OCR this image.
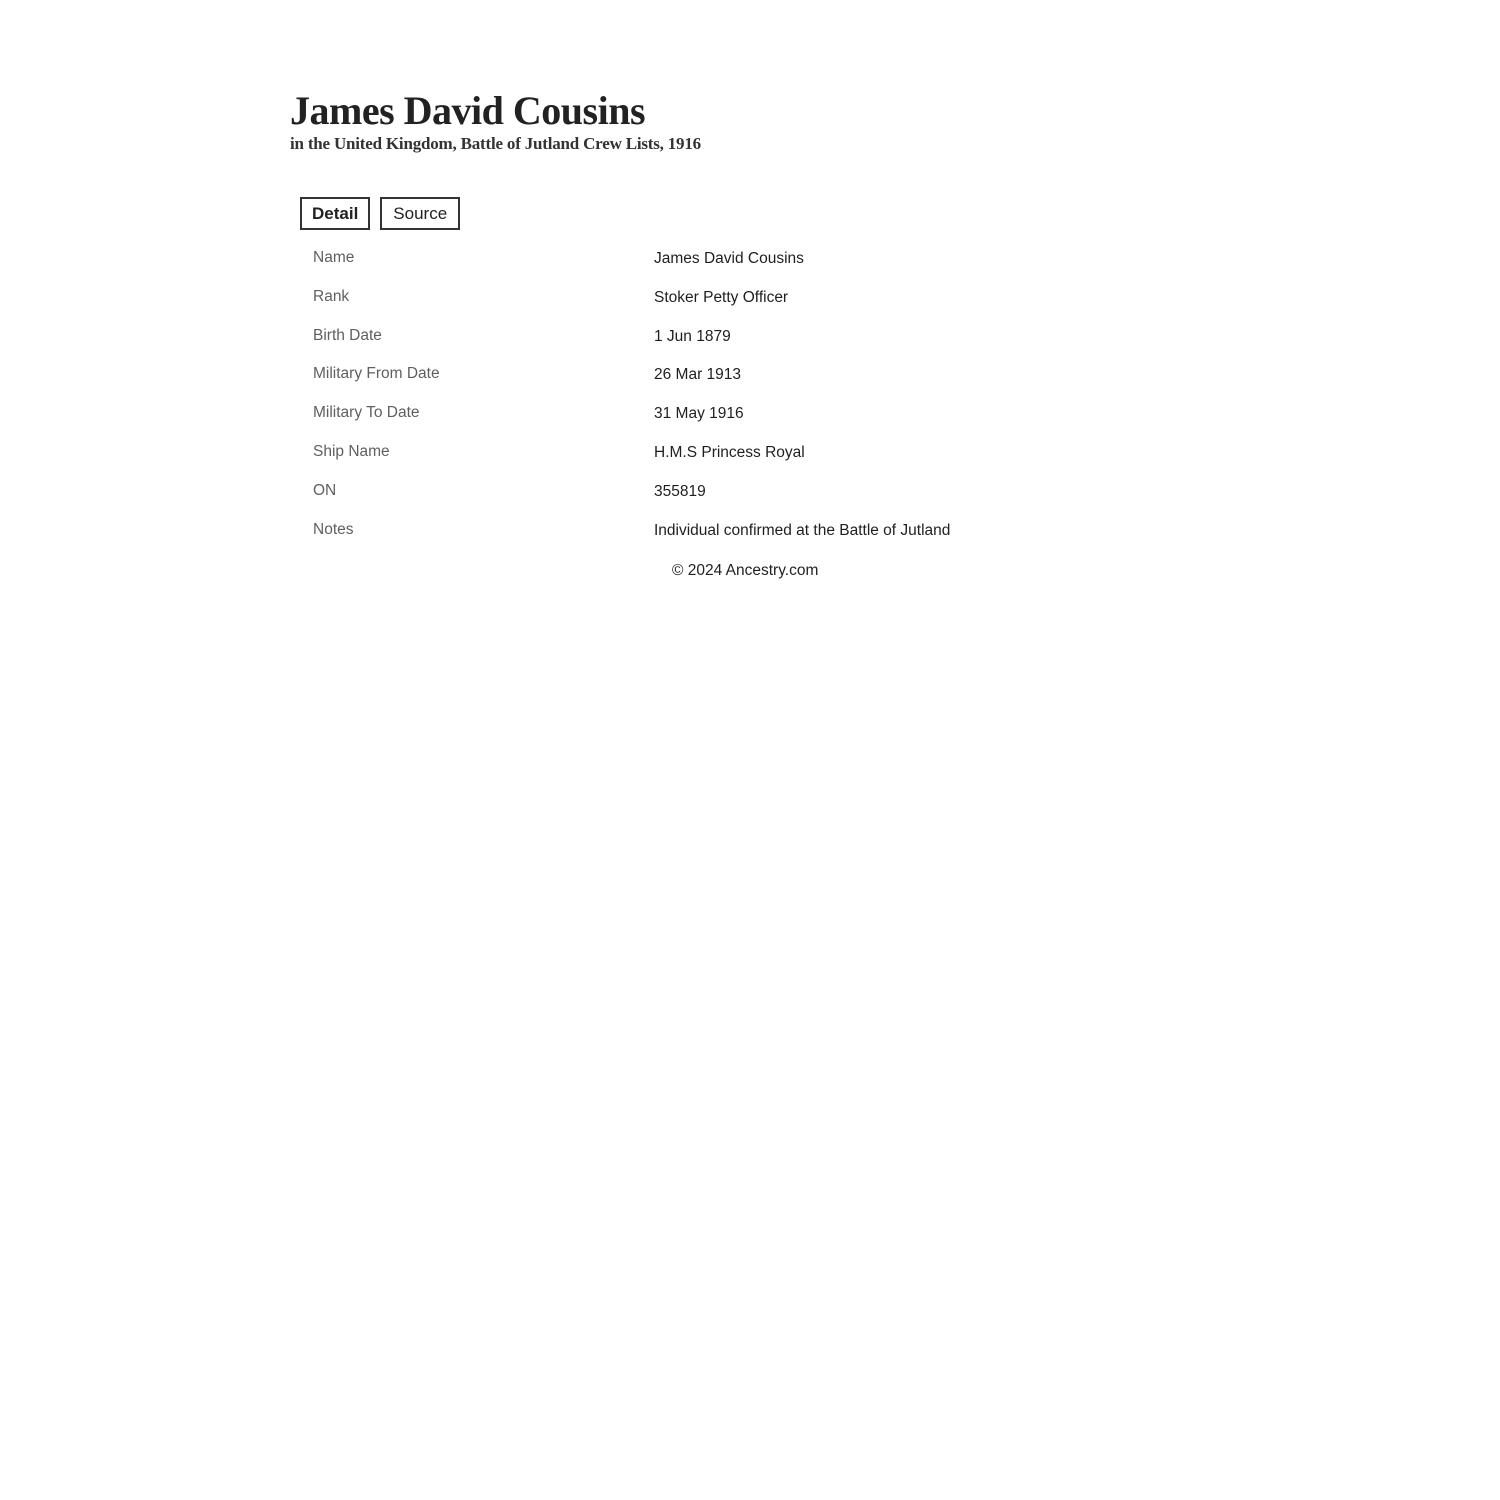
James David Cousins
in the United Kingdom, Battle of Jutland Crew Lists, 1916
Detail	Source
Name	James David Cousins
Rank	Stoker Petty Officer
Birth Date	1 Jun 1879
Military From Date	26 Mar 1913
Military To Date	31 May 1916
Ship Name	H.M.S Princess Royal
ON	355819
Notes	Individual confirmed at the Battle of Jutland
© 2024 Ancestry.com
